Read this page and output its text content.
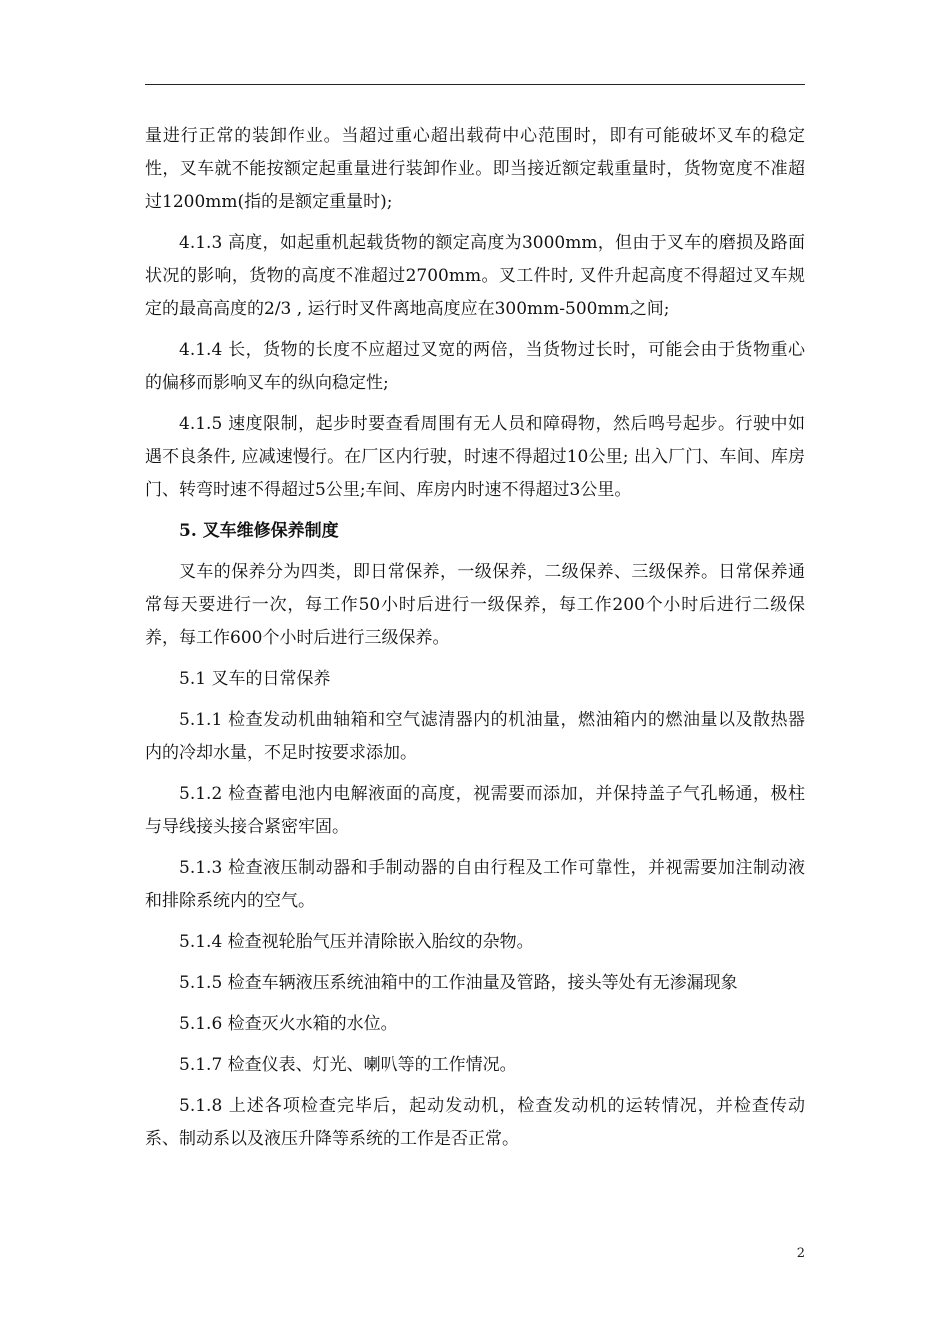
量进行正常的装卸作业。当超过重心超出载荷中心范围时，即有可能破坏叉车的稳定性，叉车就不能按额定起重量进行装卸作业。即当接近额定载重量时，货物宽度不准超过1200mm(指的是额定重量时);

4.1.3 高度，如起重机起载货物的额定高度为3000mm，但由于叉车的磨损及路面状况的影响，货物的高度不准超过2700mm。叉工件时, 叉件升起高度不得超过叉车规定的最高高度的2/3 , 运行时叉件离地高度应在300mm-500mm之间;

4.1.4 长，货物的长度不应超过叉宽的两倍，当货物过长时，可能会由于货物重心的偏移而影响叉车的纵向稳定性;

4.1.5 速度限制，起步时要查看周围有无人员和障碍物，然后鸣号起步。行驶中如遇不良条件, 应减速慢行。在厂区内行驶，时速不得超过10公里; 出入厂门、车间、库房门、转弯时速不得超过5公里;车间、库房内时速不得超过3公里。

5. 叉车维修保养制度

叉车的保养分为四类，即日常保养，一级保养，二级保养、三级保养。日常保养通常每天要进行一次，每工作50小时后进行一级保养，每工作200个小时后进行二级保养，每工作600个小时后进行三级保养。

5.1 叉车的日常保养

5.1.1 检查发动机曲轴箱和空气滤清器内的机油量，燃油箱内的燃油量以及散热器内的冷却水量，不足时按要求添加。

5.1.2 检查蓄电池内电解液面的高度，视需要而添加，并保持盖子气孔畅通，极柱与导线接头接合紧密牢固。

5.1.3 检查液压制动器和手制动器的自由行程及工作可靠性，并视需要加注制动液和排除系统内的空气。

5.1.4 检查视轮胎气压并清除嵌入胎纹的杂物。

5.1.5 检查车辆液压系统油箱中的工作油量及管路，接头等处有无渗漏现象

5.1.6 检查灭火水箱的水位。

5.1.7 检查仪表、灯光、喇叭等的工作情况。

5.1.8 上述各项检查完毕后，起动发动机，检查发动机的运转情况，并检查传动系、制动系以及液压升降等系统的工作是否正常。

2
